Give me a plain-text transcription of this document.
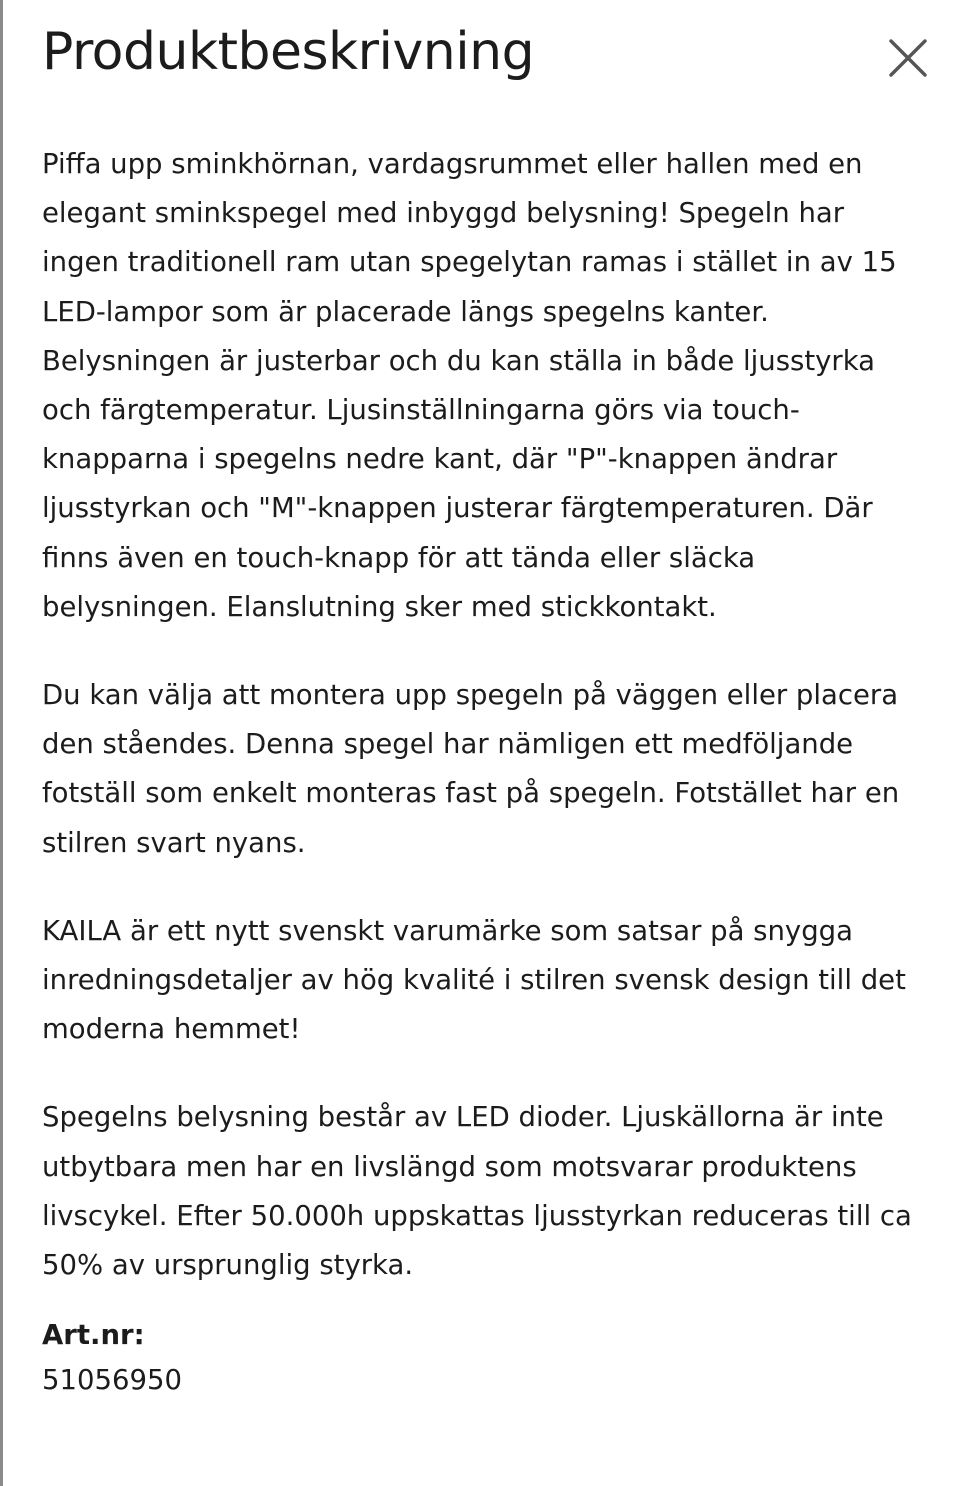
Produktbeskrivning

Piffa upp sminkhörnan, vardagsrummet eller hallen med en elegant sminkspegel med inbyggd belysning! Spegeln har ingen traditionell ram utan spegelytan ramas i stället in av 15 LED-lampor som är placerade längs spegelns kanter. Belysningen är justerbar och du kan ställa in både ljusstyrka och färgtemperatur. Ljusinställningarna görs via touch-knapparna i spegelns nedre kant, där "P"-knappen ändrar ljusstyrkan och "M"-knappen justerar färgtemperaturen. Där finns även en touch-knapp för att tända eller släcka belysningen. Elanslutning sker med stickkontakt.

Du kan välja att montera upp spegeln på väggen eller placera den ståendes. Denna spegel har nämligen ett medföljande fotställ som enkelt monteras fast på spegeln. Fotstället har en stilren svart nyans.

KAILA är ett nytt svenskt varumärke som satsar på snygga inredningsdetaljer av hög kvalité i stilren svensk design till det moderna hemmet!

Spegelns belysning består av LED dioder. Ljuskällorna är inte utbytbara men har en livslängd som motsvarar produktens livscykel. Efter 50.000h uppskattas ljusstyrkan reduceras till ca 50% av ursprunglig styrka.

Art.nr:
51056950
